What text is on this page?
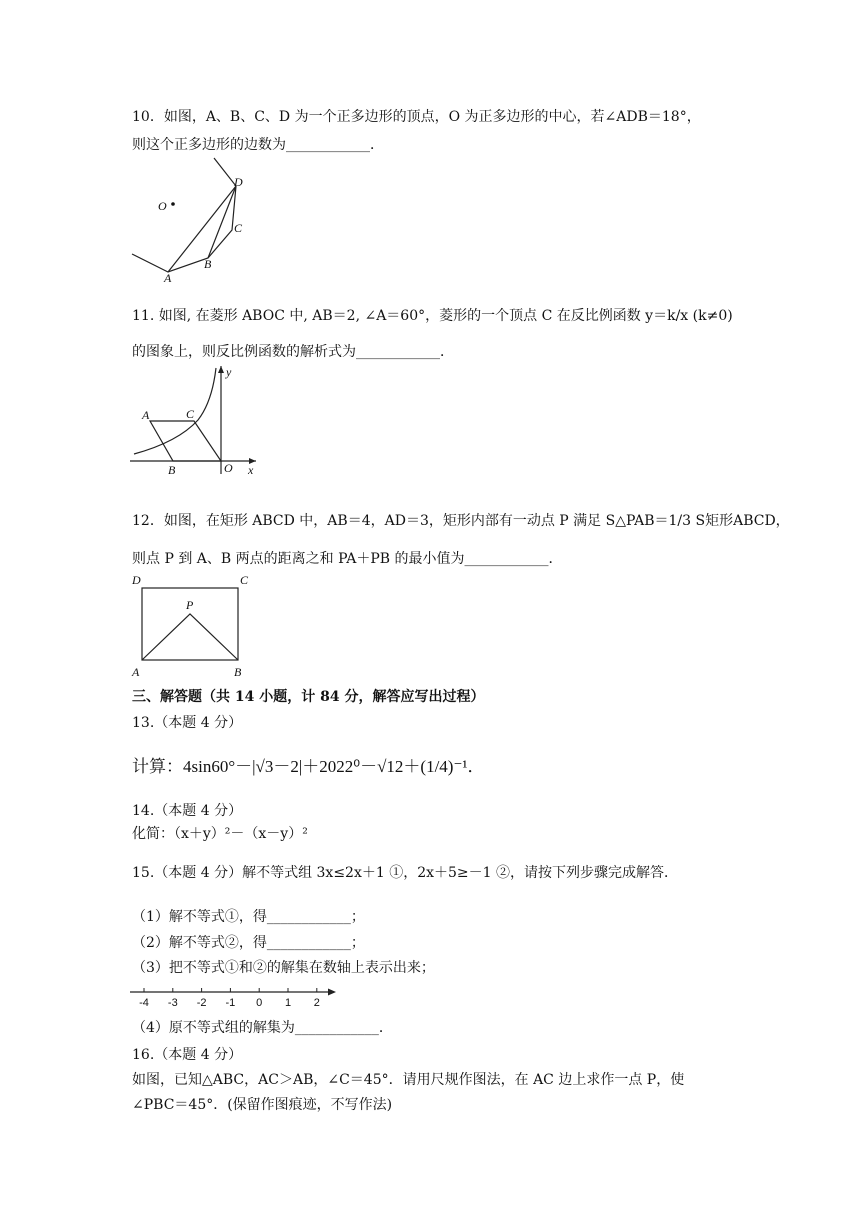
10．如图，A、B、C、D 为一个正多边形的顶点，O 为正多边形的中心，若∠ADB＝18°，
则这个正多边形的边数为____________．
O
A
B
C
D
11. 如图, 在菱形 ABOC 中, AB＝2, ∠A＝60°，菱形的一个顶点 C 在反比例函数 y＝k/x (k≠0)
的图象上，则反比例函数的解析式为____________．
A	C
B	O x
y
12．如图，在矩形 ABCD 中，AB＝4，AD＝3，矩形内部有一动点 P 满足 S△PAB＝1/3 S矩形ABCD，
则点 P 到 A、B 两点的距离之和 PA＋PB 的最小值为____________．
D	C
P
A	B
三、解答题（共 14 小题，计 84 分，解答应写出过程）
13.（本题 4 分）
计算：4sin60°－|√3－2|＋2022⁰－√12＋(1/4)⁻¹．
14.（本题 4 分）
化简：（x＋y）²－（x－y）²
15.（本题 4 分）解不等式组 3x≤2x＋1 ①，2x＋5≥－1 ②，请按下列步骤完成解答．
（1）解不等式①，得____________；
（2）解不等式②，得____________；
（3）把不等式①和②的解集在数轴上表示出来；
-4 -3 -2 -1 0 1 2
（4）原不等式组的解集为____________．
16.（本题 4 分）
如图，已知△ABC，AC＞AB，∠C＝45°．请用尺规作图法，在 AC 边上求作一点 P，使
∠PBC＝45°．(保留作图痕迹，不写作法)
